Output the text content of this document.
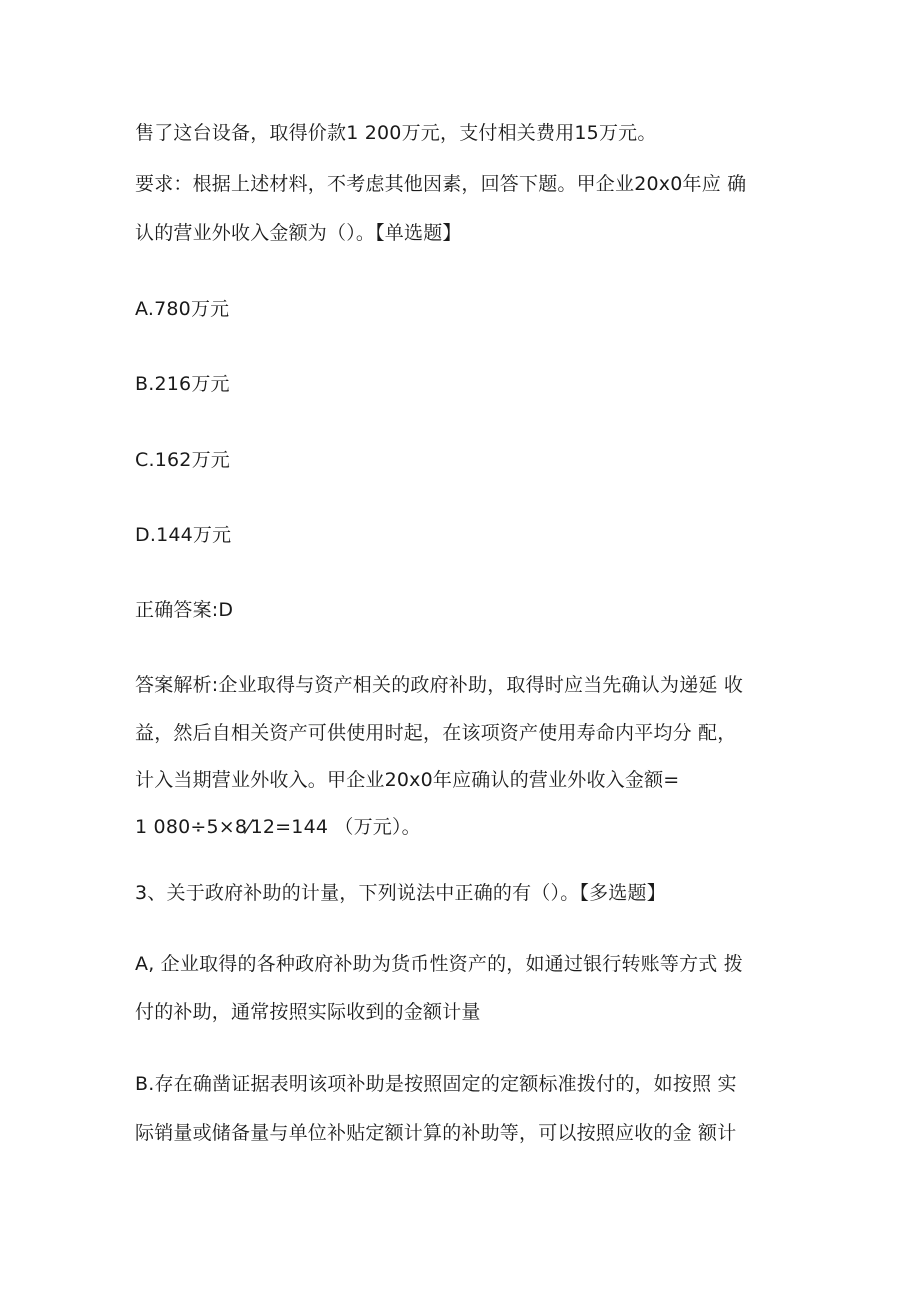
售了这台设备，取得价款1 200万元，支付相关费用15万元。
要求：根据上述材料，不考虑其他因素，回答下题。甲企业20x0年应 确
认的营业外收入金额为（）。【单选题】
A.780万元
B.216万元
C.162万元
D.144万元
正确答案:D
答案解析:企业取得与资产相关的政府补助，取得时应当先确认为递延 收
益，然后自相关资产可供使用时起，在该项资产使用寿命内平均分 配，
计入当期营业外收入。甲企业20x0年应确认的营业外收入金额=
1 080÷5×8⁄12=144 （万元）。
3、关于政府补助的计量，下列说法中正确的有（）。【多选题】
A, 企业取得的各种政府补助为货币性资产的，如通过银行转账等方式 拨
付的补助，通常按照实际收到的金额计量
B.存在确凿证据表明该项补助是按照固定的定额标准拨付的，如按照 实
际销量或储备量与单位补贴定额计算的补助等，可以按照应收的金 额计
